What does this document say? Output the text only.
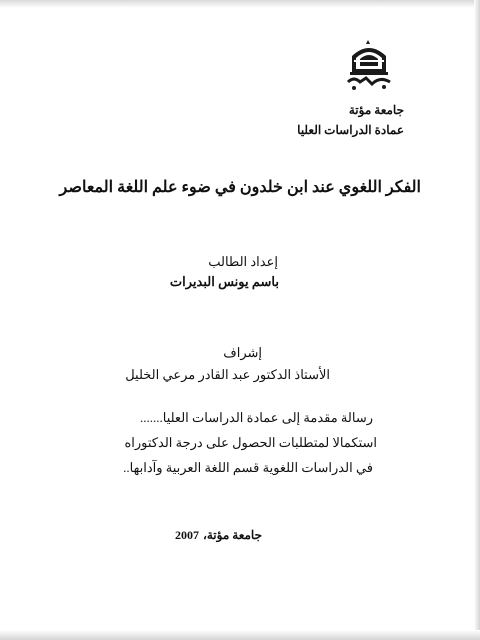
جامعة مؤتة
عمادة الدراسات العليا
الفكر اللغوي عند ابن خلدون في ضوء علم اللغة المعاصر
إعداد الطالب
باسم يونس البديرات
إشراف
الأستاذ الدكتور عبد القادر مرعي الخليل
رسالة مقدمة إلى عمادة الدراسات العليا.......
استكمالا لمتطلبات الحصول على درجة الدكتوراه
في الدراسات اللغوية قسم اللغة العربية وآدابها..
جامعة مؤتة،
2007
